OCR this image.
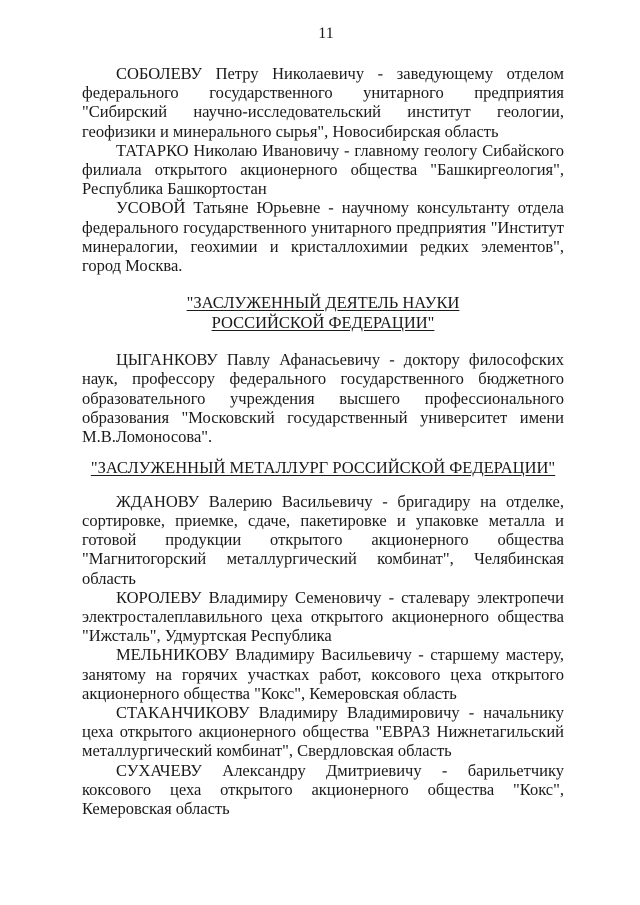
11

СОБОЛЕВУ Петру Николаевичу - заведующему отделом федерального государственного унитарного предприятия "Сибирский научно-исследовательский институт геологии, геофизики и минерального сырья", Новосибирская область

ТАТАРКО Николаю Ивановичу - главному геологу Сибайского филиала открытого акционерного общества "Башкиргеология", Республика Башкортостан

УСОВОЙ Татьяне Юрьевне - научному консультанту отдела федерального государственного унитарного предприятия "Институт минералогии, геохимии и кристаллохимии редких элементов", город Москва.

"ЗАСЛУЖЕННЫЙ ДЕЯТЕЛЬ НАУКИ
РОССИЙСКОЙ ФЕДЕРАЦИИ"

ЦЫГАНКОВУ Павлу Афанасьевичу - доктору философских наук, профессору федерального государственного бюджетного образовательного учреждения высшего профессионального образования "Московский государственный университет имени М.В.Ломоносова".

"ЗАСЛУЖЕННЫЙ МЕТАЛЛУРГ РОССИЙСКОЙ ФЕДЕРАЦИИ"

ЖДАНОВУ Валерию Васильевичу - бригадиру на отделке, сортировке, приемке, сдаче, пакетировке и упаковке металла и готовой продукции открытого акционерного общества "Магнитогорский металлургический комбинат", Челябинская область

КОРОЛЕВУ Владимиру Семеновичу - сталевару электропечи электросталеплавильного цеха открытого акционерного общества "Ижсталь", Удмуртская Республика

МЕЛЬНИКОВУ Владимиру Васильевичу - старшему мастеру, занятому на горячих участках работ, коксового цеха открытого акционерного общества "Кокс", Кемеровская область

СТАКАНЧИКОВУ Владимиру Владимировичу - начальнику цеха открытого акционерного общества "ЕВРАЗ Нижнетагильский металлургический комбинат", Свердловская область

СУХАЧЕВУ Александру Дмитриевичу - барильетчику коксового цеха открытого акционерного общества "Кокс", Кемеровская область
